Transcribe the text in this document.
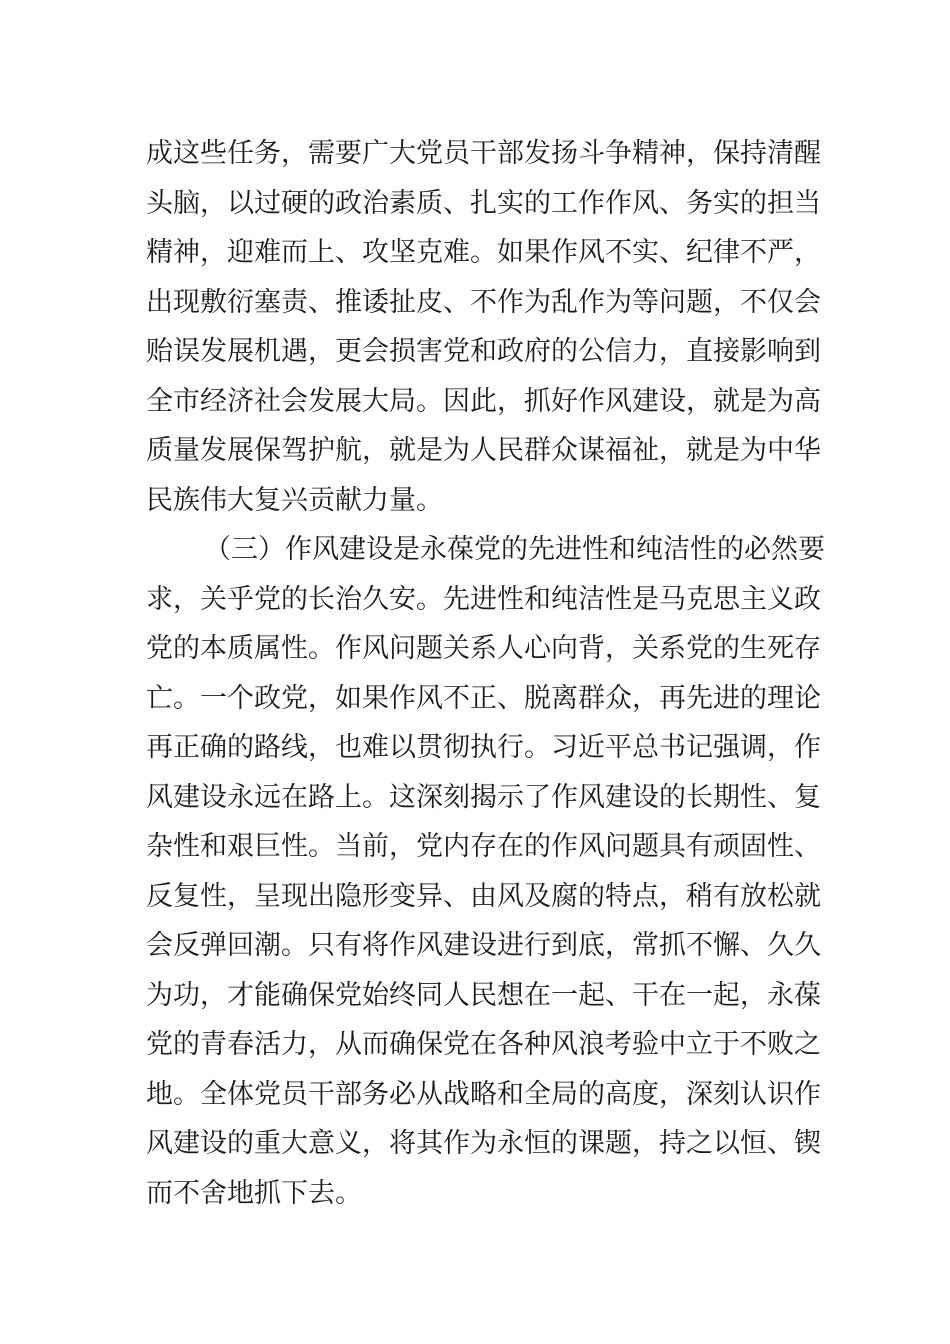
成这些任务，需要广大党员干部发扬斗争精神，保持清醒
头脑，以过硬的政治素质、扎实的工作作风、务实的担当
精神，迎难而上、攻坚克难。如果作风不实、纪律不严，
出现敷衍塞责、推诿扯皮、不作为乱作为等问题，不仅会
贻误发展机遇，更会损害党和政府的公信力，直接影响到
全市经济社会发展大局。因此，抓好作风建设，就是为高
质量发展保驾护航，就是为人民群众谋福祉，就是为中华
民族伟大复兴贡献力量。
（三）作风建设是永葆党的先进性和纯洁性的必然要
求，关乎党的长治久安。先进性和纯洁性是马克思主义政
党的本质属性。作风问题关系人心向背，关系党的生死存
亡。一个政党，如果作风不正、脱离群众，再先进的理论
再正确的路线，也难以贯彻执行。习近平总书记强调，作
风建设永远在路上。这深刻揭示了作风建设的长期性、复
杂性和艰巨性。当前，党内存在的作风问题具有顽固性、
反复性，呈现出隐形变异、由风及腐的特点，稍有放松就
会反弹回潮。只有将作风建设进行到底，常抓不懈、久久
为功，才能确保党始终同人民想在一起、干在一起，永葆
党的青春活力，从而确保党在各种风浪考验中立于不败之
地。全体党员干部务必从战略和全局的高度，深刻认识作
风建设的重大意义，将其作为永恒的课题，持之以恒、锲
而不舍地抓下去。
